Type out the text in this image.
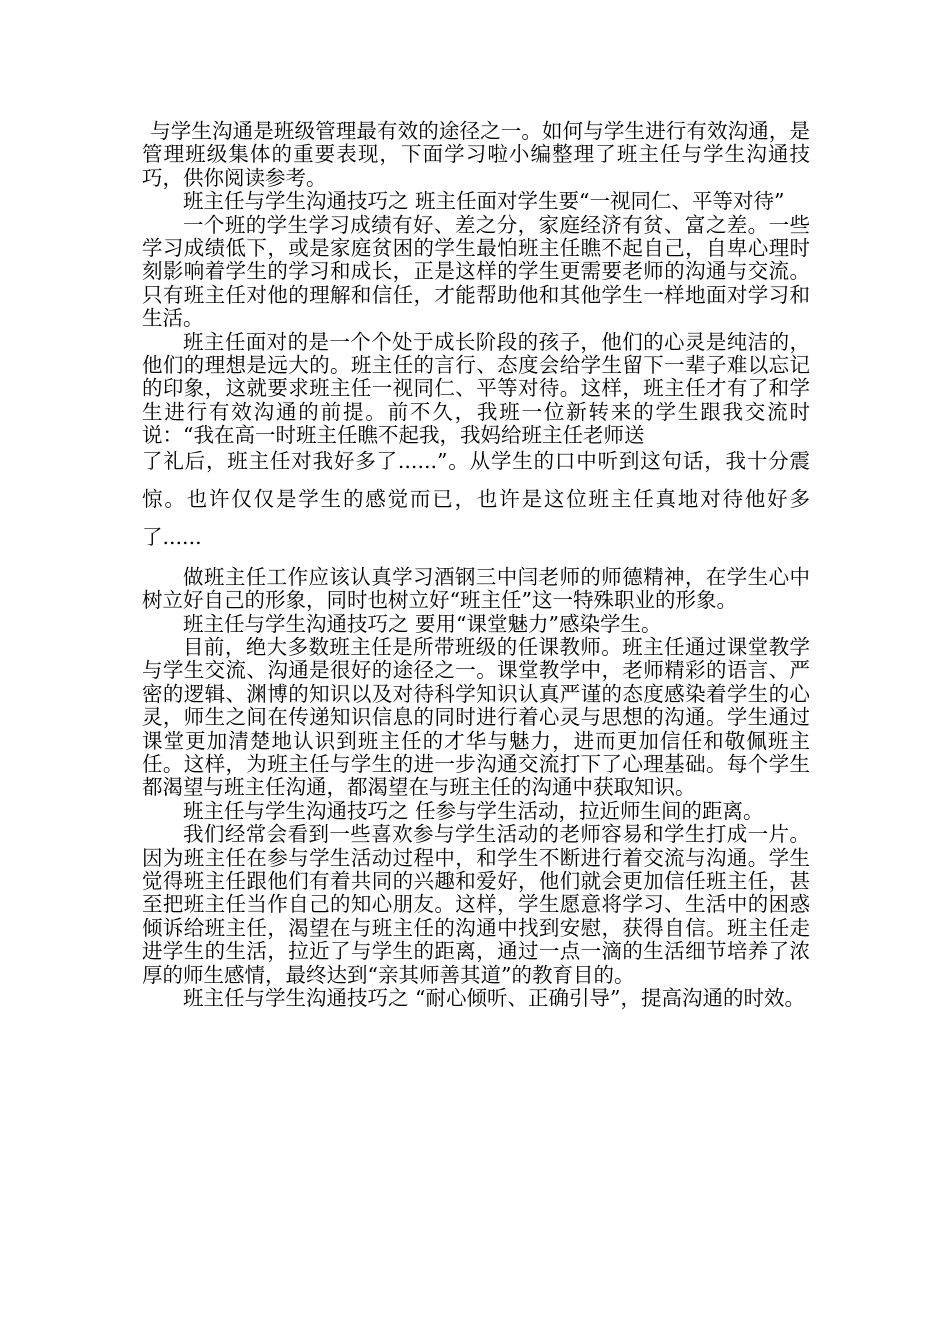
与学生沟通是班级管理最有效的途径之一。如何与学生进行有效沟通，是管理班级集体的重要表现，下面学习啦小编整理了班主任与学生沟通技巧，供你阅读参考。

班主任与学生沟通技巧之 班主任面对学生要“一视同仁、平等对待”

一个班的学生学习成绩有好、差之分，家庭经济有贫、富之差。一些学习成绩低下，或是家庭贫困的学生最怕班主任瞧不起自己，自卑心理时刻影响着学生的学习和成长，正是这样的学生更需要老师的沟通与交流。只有班主任对他的理解和信任，才能帮助他和其他学生一样地面对学习和生活。

班主任面对的是一个个处于成长阶段的孩子，他们的心灵是纯洁的，他们的理想是远大的。班主任的言行、态度会给学生留下一辈子难以忘记的印象，这就要求班主任一视同仁、平等对待。这样，班主任才有了和学生进行有效沟通的前提。前不久，我班一位新转来的学生跟我交流时说：“我在高一时班主任瞧不起我，我妈给班主任老师送

了礼后，班主任对我好多了......”。从学生的口中听到这句话，我十分震惊。也许仅仅是学生的感觉而已，也许是这位班主任真地对待他好多了......

做班主任工作应该认真学习酒钢三中闫老师的师德精神，在学生心中树立好自己的形象，同时也树立好“班主任”这一特殊职业的形象。

班主任与学生沟通技巧之 要用“课堂魅力”感染学生。

目前，绝大多数班主任是所带班级的任课教师。班主任通过课堂教学与学生交流、沟通是很好的途径之一。课堂教学中，老师精彩的语言、严密的逻辑、渊博的知识以及对待科学知识认真严谨的态度感染着学生的心灵，师生之间在传递知识信息的同时进行着心灵与思想的沟通。学生通过课堂更加清楚地认识到班主任的才华与魅力，进而更加信任和敬佩班主任。这样，为班主任与学生的进一步沟通交流打下了心理基础。每个学生都渴望与班主任沟通，都渴望在与班主任的沟通中获取知识。

班主任与学生沟通技巧之 任参与学生活动，拉近师生间的距离。

我们经常会看到一些喜欢参与学生活动的老师容易和学生打成一片。因为班主任在参与学生活动过程中，和学生不断进行着交流与沟通。学生觉得班主任跟他们有着共同的兴趣和爱好，他们就会更加信任班主任，甚至把班主任当作自己的知心朋友。这样，学生愿意将学习、生活中的困惑倾诉给班主任，渴望在与班主任的沟通中找到安慰，获得自信。班主任走进学生的生活，拉近了与学生的距离，通过一点一滴的生活细节培养了浓厚的师生感情，最终达到“亲其师善其道”的教育目的。

班主任与学生沟通技巧之 “耐心倾听、正确引导”，提高沟通的时效。
